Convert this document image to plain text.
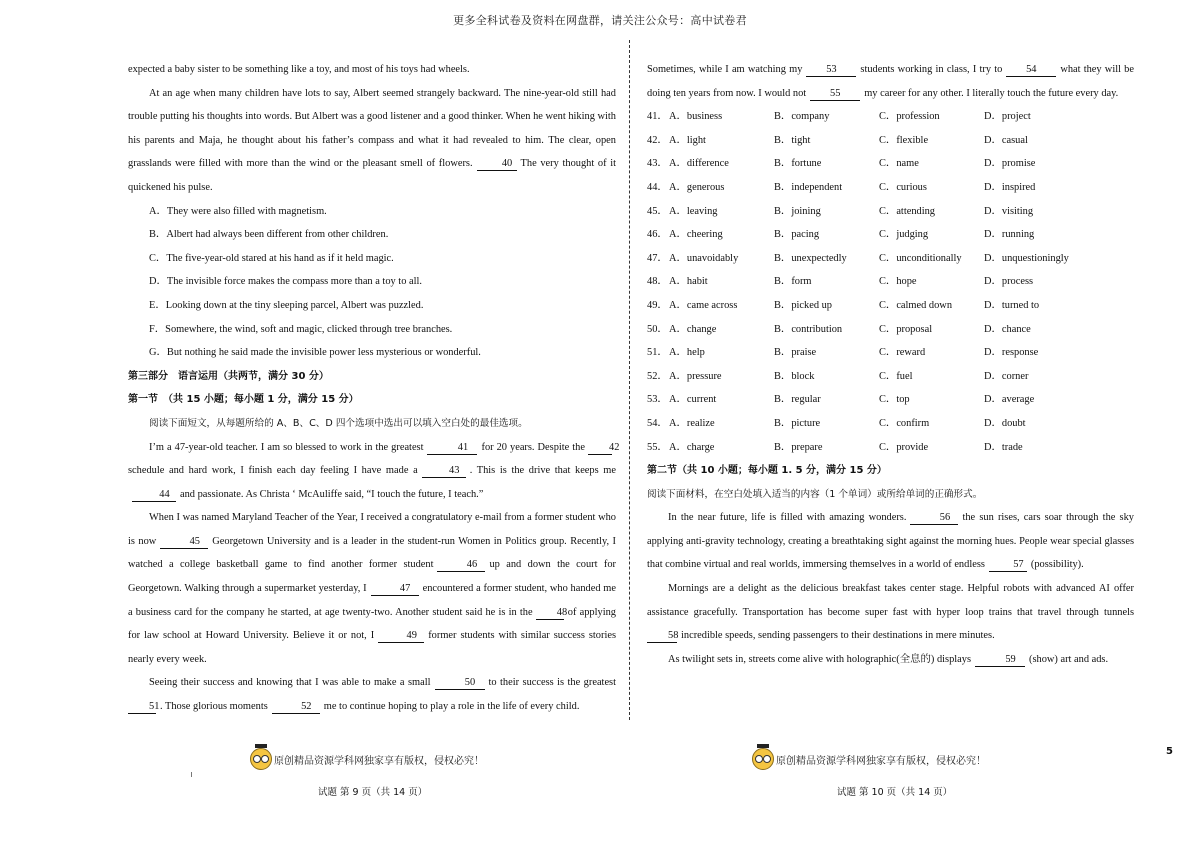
更多全科试卷及资料在网盘群，请关注公众号：高中试卷君

expected a baby sister to be something like a toy, and most of his toys had wheels.

At an age when many children have lots to say, Albert seemed strangely backward. The nine-year-old still had trouble putting his thoughts into words. But Albert was a good listener and a good thinker. When he went hiking with his parents and Maja, he thought about his father’s compass and what it had revealed to him. The clear, open grasslands were filled with more than the wind or the pleasant smell of flowers.	40 The very thought of it quickened his pulse.

A．They were also filled with magnetism.

B．Albert had always been different from other children.

C．The five-year-old stared at his hand as if it held magic.

D．The invisible force makes the compass more than a toy to all.

E．Looking down at the tiny sleeping parcel, Albert was puzzled.

F．Somewhere, the wind, soft and magic, clicked through tree branches.

G．But nothing he said made the invisible power less mysterious or wonderful.

第三部分　语言运用（共两节，满分 30 分）

第一节　（共 15 小题；每小题 1 分，满分 15 分）

阅读下面短文，从每题所给的 A、B、C、D 四个选项中选出可以填入空白处的最佳选项。

I’m a 47-year-old teacher. I am so blessed to work in the greatest	41 for 20 years. Despite the 42schedule and hard work, I finish each day feeling I have made a	43 . This is the drive that keeps me44 and passionate. As Christa ‘ McAuliffe said, “I touch the future, I teach.”

When I was named Maryland Teacher of the Year, I received a congratulatory e-mail from a former student who is now	45 Georgetown University and is a leader in the student-run Women in Politics group. Recently, I watched a college basketball game to find another former student	46 up and down the court for Georgetown. Walking through a supermarket yesterday, I	47 encountered a former student, who handed me a business card for the company he started, at age twenty-two. Another student said he is in the 48of applying for law school at Howard University. Believe it or not, I	49 former students with similar success stories nearly every week.

Seeing their success and knowing that I was able to make a small	50 to their success is the greatest 51. Those glorious moments	52 me to continue hoping to play a role in the life of every child.

Sometimes, while I am watching my 53 students working in class, I try to 54 what they will be doing ten years from now. I would not 55 my career for any other. I literally touch the future every day.

41． A．business	B．company	C．profession	D．project
42． A．light	B．tight	C．flexible	D．casual
43． A．difference	B．fortune	C．name	D．promise
44． A．generous	B．independent	C．curious	D．inspired
45． A．leaving	B．joining	C．attending	D．visiting
46． A．cheering	B．pacing	C．judging	D．running
47． A．unavoidably	B．unexpectedly	C．unconditionally	D．unquestioningly
48． A．habit	B．form	C．hope	D．process
49． A．came across	B．picked up	C．calmed down	D．turned to
50． A．change	B．contribution	C．proposal	D．chance
51． A．help	B．praise	C．reward	D．response
52． A．pressure	B．block	C．fuel	D．corner
53． A．current	B．regular	C．top	D．average
54． A．realize	B．picture	C．confirm	D．doubt
55． A．charge	B．prepare	C．provide	D．trade

第二节（共 10 小题；每小题 1. 5 分，满分 15 分）

阅读下面材料，在空白处填入适当的内容（1 个单词）或所给单词的正确形式。

In the near future, life is filled with amazing wonders.	56 the sun rises, cars soar through the sky applying anti-gravity technology, creating a breathtaking sight against the morning hues. People wear special glasses that combine virtual and real worlds, immersing themselves in a world of endless	57 (possibility).

Mornings are a delight as the delicious breakfast takes center stage. Helpful robots with advanced AI offer assistance gracefully. Transportation has become super fast with hyper loop trains that travel through tunnels 58 incredible speeds, sending passengers to their destinations in mere minutes.

As twilight sets in, streets come alive with holographic(全息的) displays	59 (show) art and ads.

原创精品资源学科网独家享有版权，侵权必究！	原创精品资源学科网独家享有版权，侵权必究！
试题 第 9 页（共 14 页）	试题 第 10 页（共 14 页）
5
